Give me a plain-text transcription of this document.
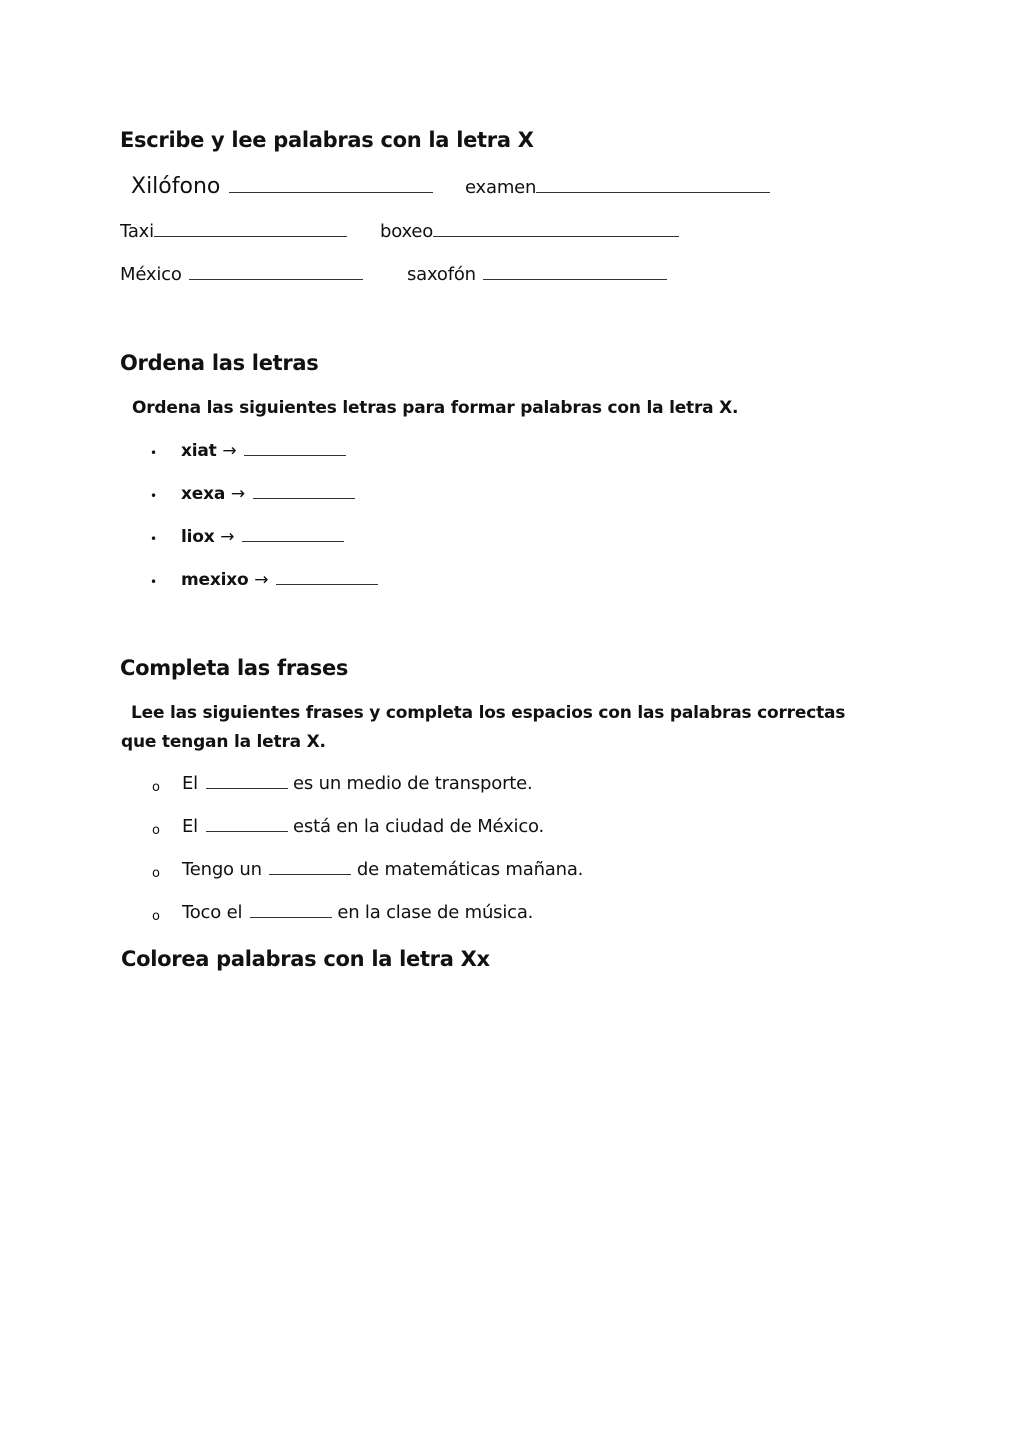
Escribe y lee palabras con la letra X
Xilófono	examen
Taxi	boxeo
México	saxofón
Ordena las letras
Ordena las siguientes letras para formar palabras con la letra X.
• xiat →
• xexa →
• liox →
• mexixo →
Completa las frases
Lee las siguientes frases y completa los espacios con las palabras correctas
que tengan la letra X.
o El	es un medio de transporte.
o El	está en la ciudad de México.
o Tengo un	de matemáticas mañana.
o Toco el	en la clase de música.
Colorea palabras con la letra Xx
